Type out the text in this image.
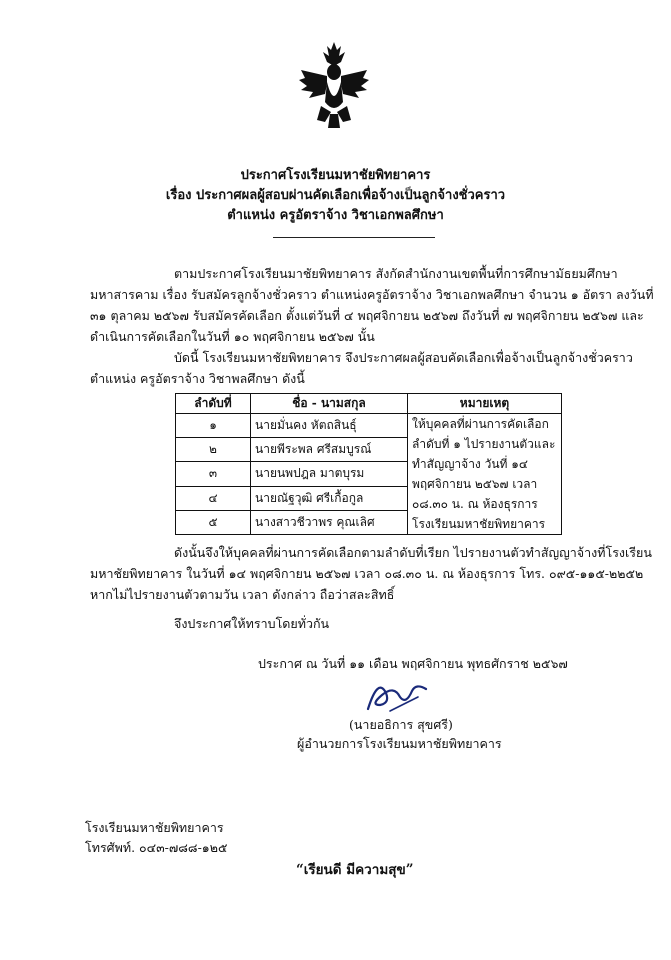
ประกาศโรงเรียนมหาชัยพิทยาคาร
เรื่อง ประกาศผลผู้สอบผ่านคัดเลือกเพื่อจ้างเป็นลูกจ้างชั่วคราว
ตำแหน่ง ครูอัตราจ้าง วิชาเอกพลศึกษา
ตามประกาศโรงเรียนมาชัยพิทยาคาร สังกัดสำนักงานเขตพื้นที่การศึกษามัธยมศึกษา
มหาสารคาม เรื่อง รับสมัครลูกจ้างชั่วคราว ตำแหน่งครูอัตราจ้าง วิชาเอกพลศึกษา จำนวน ๑ อัตรา ลงวันที่
๓๑ ตุลาคม ๒๕๖๗ รับสมัครคัดเลือก ตั้งแต่วันที่ ๔ พฤศจิกายน ๒๕๖๗ ถึงวันที่ ๗ พฤศจิกายน ๒๕๖๗ และ
ดำเนินการคัดเลือกในวันที่ ๑๐ พฤศจิกายน ๒๕๖๗ นั้น
บัดนี้ โรงเรียนมหาชัยพิทยาคาร จึงประกาศผลผู้สอบคัดเลือกเพื่อจ้างเป็นลูกจ้างชั่วคราว
ตำแหน่ง ครูอัตราจ้าง วิชาพลศึกษา ดังนี้
ลำดับที่	ชื่อ - นามสกุล	หมายเหตุ
๑	นายมั่นคง หัตถสินธุ์	ให้บุคคลที่ผ่านการคัดเลือกลำดับที่ ๑ ไปรายงานตัวและทำสัญญาจ้าง วันที่ ๑๔ พฤศจิกายน ๒๕๖๗ เวลา ๐๘.๓๐ น. ณ ห้องธุรการ โรงเรียนมหาชัยพิทยาคาร
๒	นายพีระพล ศรีสมบูรณ์	
๓	นายนพปฎล มาตบุรม	
๔	นายณัฐวุฒิ ศรีเกื้อกูล	
๕	นางสาวชีวาพร คุณเลิศ	
ดังนั้นจึงให้บุคคลที่ผ่านการคัดเลือกตามลำดับที่เรียก ไปรายงานตัวทำสัญญาจ้างที่โรงเรียน
มหาชัยพิทยาคาร ในวันที่ ๑๔ พฤศจิกายน ๒๕๖๗ เวลา ๐๘.๓๐ น. ณ ห้องธุรการ โทร. ๐๙๕-๑๑๕-๒๒๕๒
หากไม่ไปรายงานตัวตามวัน เวลา ดังกล่าว ถือว่าสละสิทธิ์
จึงประกาศให้ทราบโดยทั่วกัน
ประกาศ ณ วันที่ ๑๑ เดือน พฤศจิกายน พุทธศักราช ๒๕๖๗
(นายอธิการ สุขศรี)
ผู้อำนวยการโรงเรียนมหาชัยพิทยาคาร
โรงเรียนมหาชัยพิทยาคาร
โทรศัพท์. ๐๔๓-๗๘๘-๑๒๕
“เรียนดี มีความสุข”
